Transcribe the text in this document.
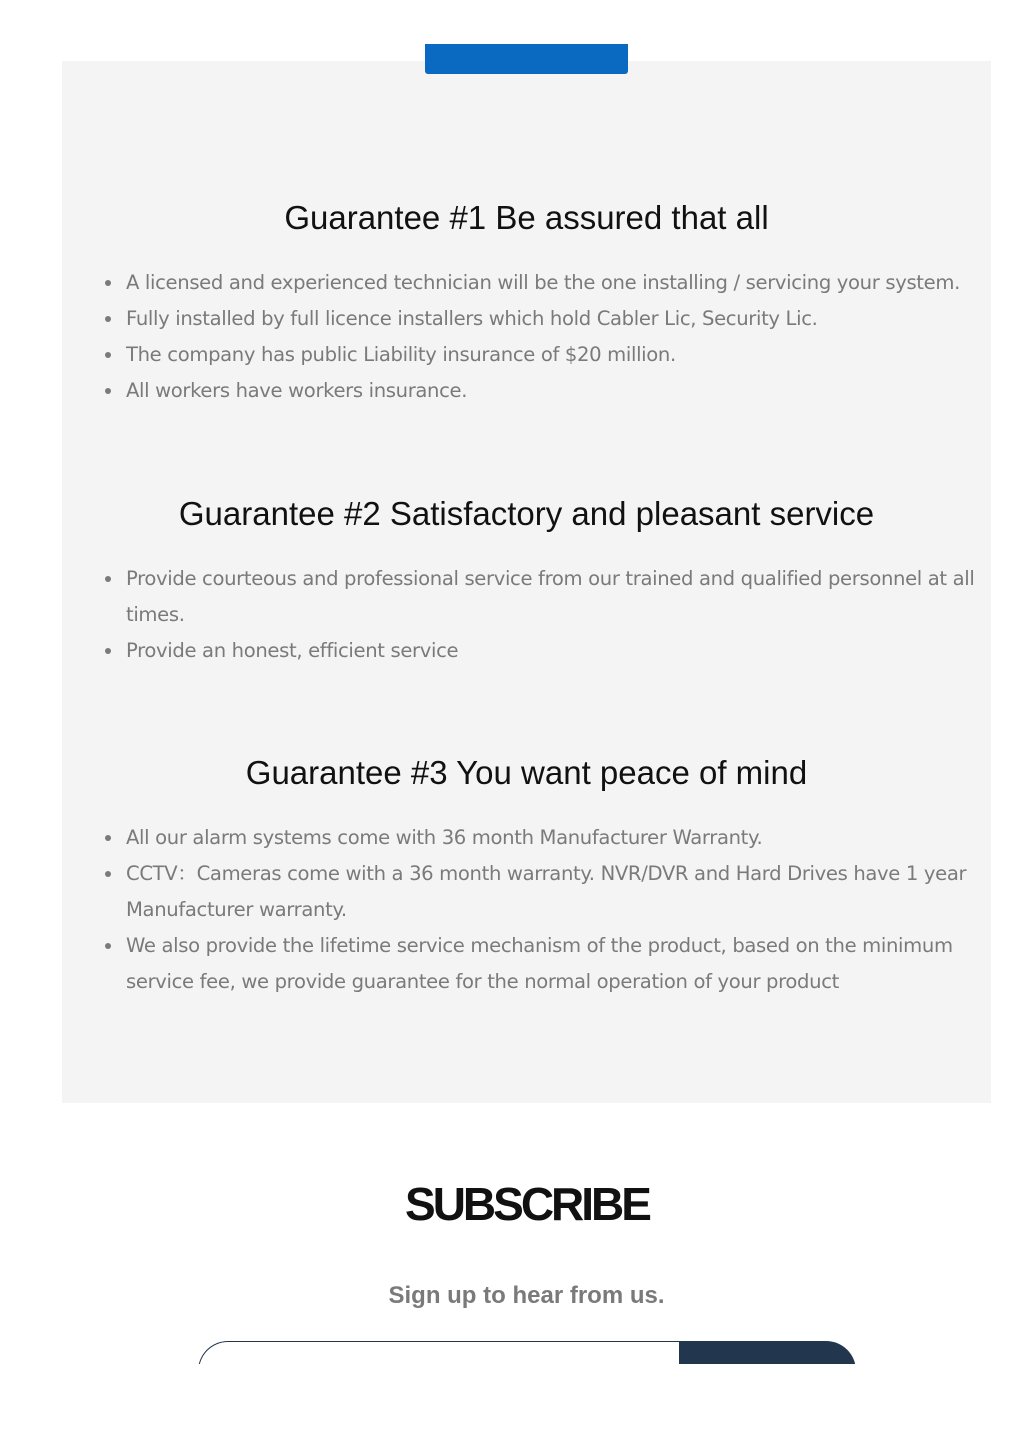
Guarantee #1 Be assured that all
A licensed and experienced technician will be the one installing / servicing your system.
Fully installed by full licence installers which hold Cabler Lic, Security Lic.
The company has public Liability insurance of $20 million.
All workers have workers insurance.
Guarantee #2 Satisfactory and pleasant service
Provide courteous and professional service from our trained and qualified personnel at all times.
Provide an honest, efficient service
Guarantee #3 You want peace of mind
All our alarm systems come with 36 month Manufacturer Warranty.
CCTV：Cameras come with a 36 month warranty. NVR/DVR and Hard Drives have 1 year Manufacturer warranty.
We also provide the lifetime service mechanism of the product, based on the minimum service fee, we provide guarantee for the normal operation of your product
SUBSCRIBE

Sign up to hear from us.
